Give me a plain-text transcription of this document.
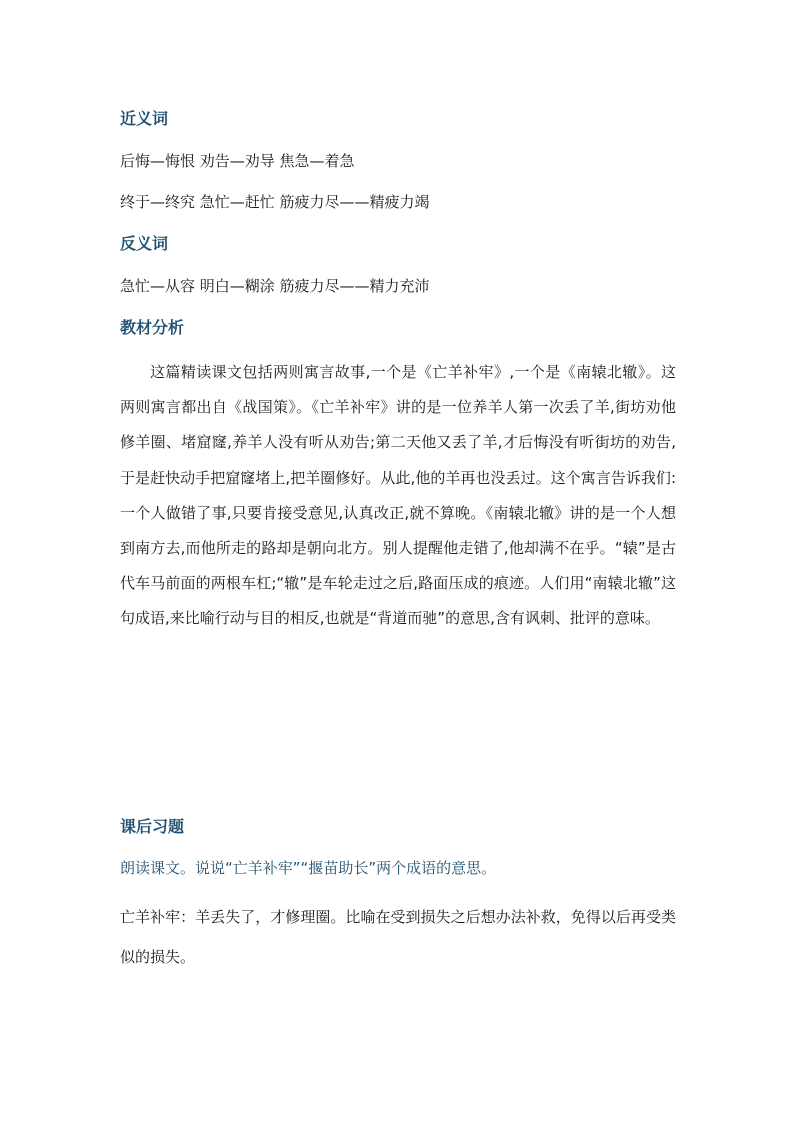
近义词
后悔—悔恨 劝告—劝导 焦急—着急
终于—终究 急忙—赶忙 筋疲力尽——精疲力竭
反义词
急忙—从容 明白—糊涂 筋疲力尽——精力充沛
教材分析

这篇精读课文包括两则寓言故事,一个是《亡羊补牢》,一个是《南辕北辙》。这两则寓言都出自《战国策》。《亡羊补牢》讲的是一位养羊人第一次丢了羊,街坊劝他修羊圈、堵窟窿,养羊人没有听从劝告;第二天他又丢了羊,才后悔没有听街坊的劝告,于是赶快动手把窟窿堵上,把羊圈修好。从此,他的羊再也没丢过。这个寓言告诉我们:一个人做错了事,只要肯接受意见,认真改正,就不算晚。《南辕北辙》讲的是一个人想到南方去,而他所走的路却是朝向北方。别人提醒他走错了,他却满不在乎。“辕”是古代车马前面的两根车杠;“辙”是车轮走过之后,路面压成的痕迹。人们用“南辕北辙”这句成语,来比喻行动与目的相反,也就是“背道而驰”的意思,含有讽刺、批评的意味。

课后习题
朗读课文。说说“亡羊补牢”“揠苗助长”两个成语的意思。

亡羊补牢：羊丢失了，才修理圈。比喻在受到损失之后想办法补救，免得以后再受类似的损失。
